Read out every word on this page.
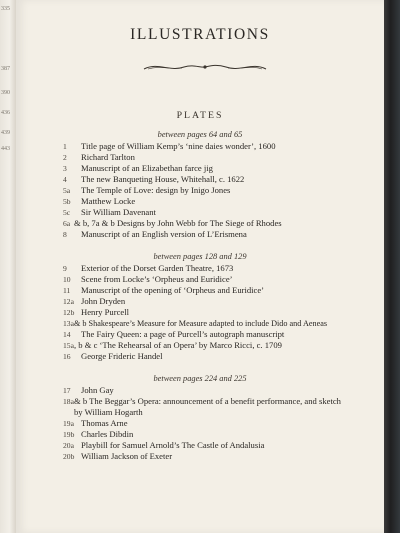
335
387
390
436
439
443
ILLUSTRATIONS
PLATES
between pages 64 and 65
1 Title page of William Kemp’s ‘nine daies wonder’, 1600
2 Richard Tarlton
3 Manuscript of an Elizabethan farce jig
4 The new Banqueting House, Whitehall, c. 1622
5a The Temple of Love: design by Inigo Jones
5b Matthew Locke
5c Sir William Davenant
6a & b, 7a & b Designs by John Webb for The Siege of Rhodes
8 Manuscript of an English version of L’Erismena
between pages 128 and 129
9 Exterior of the Dorset Garden Theatre, 1673
10 Scene from Locke’s ‘Orpheus and Euridice’
11 Manuscript of the opening of ‘Orpheus and Euridice’
12a John Dryden
12b Henry Purcell
13a & b Shakespeare’s Measure for Measure adapted to include Dido and Aeneas
14 The Fairy Queen: a page of Purcell’s autograph manuscript
15a , b & c ‘The Rehearsal of an Opera’ by Marco Ricci, c. 1709
16 George Frideric Handel
between pages 224 and 225
17 John Gay
18a & b The Beggar’s Opera: announcement of a benefit performance, and sketch by William Hogarth
19a Thomas Arne
19b Charles Dibdin
20a Playbill for Samuel Arnold’s The Castle of Andalusia
20b William Jackson of Exeter
